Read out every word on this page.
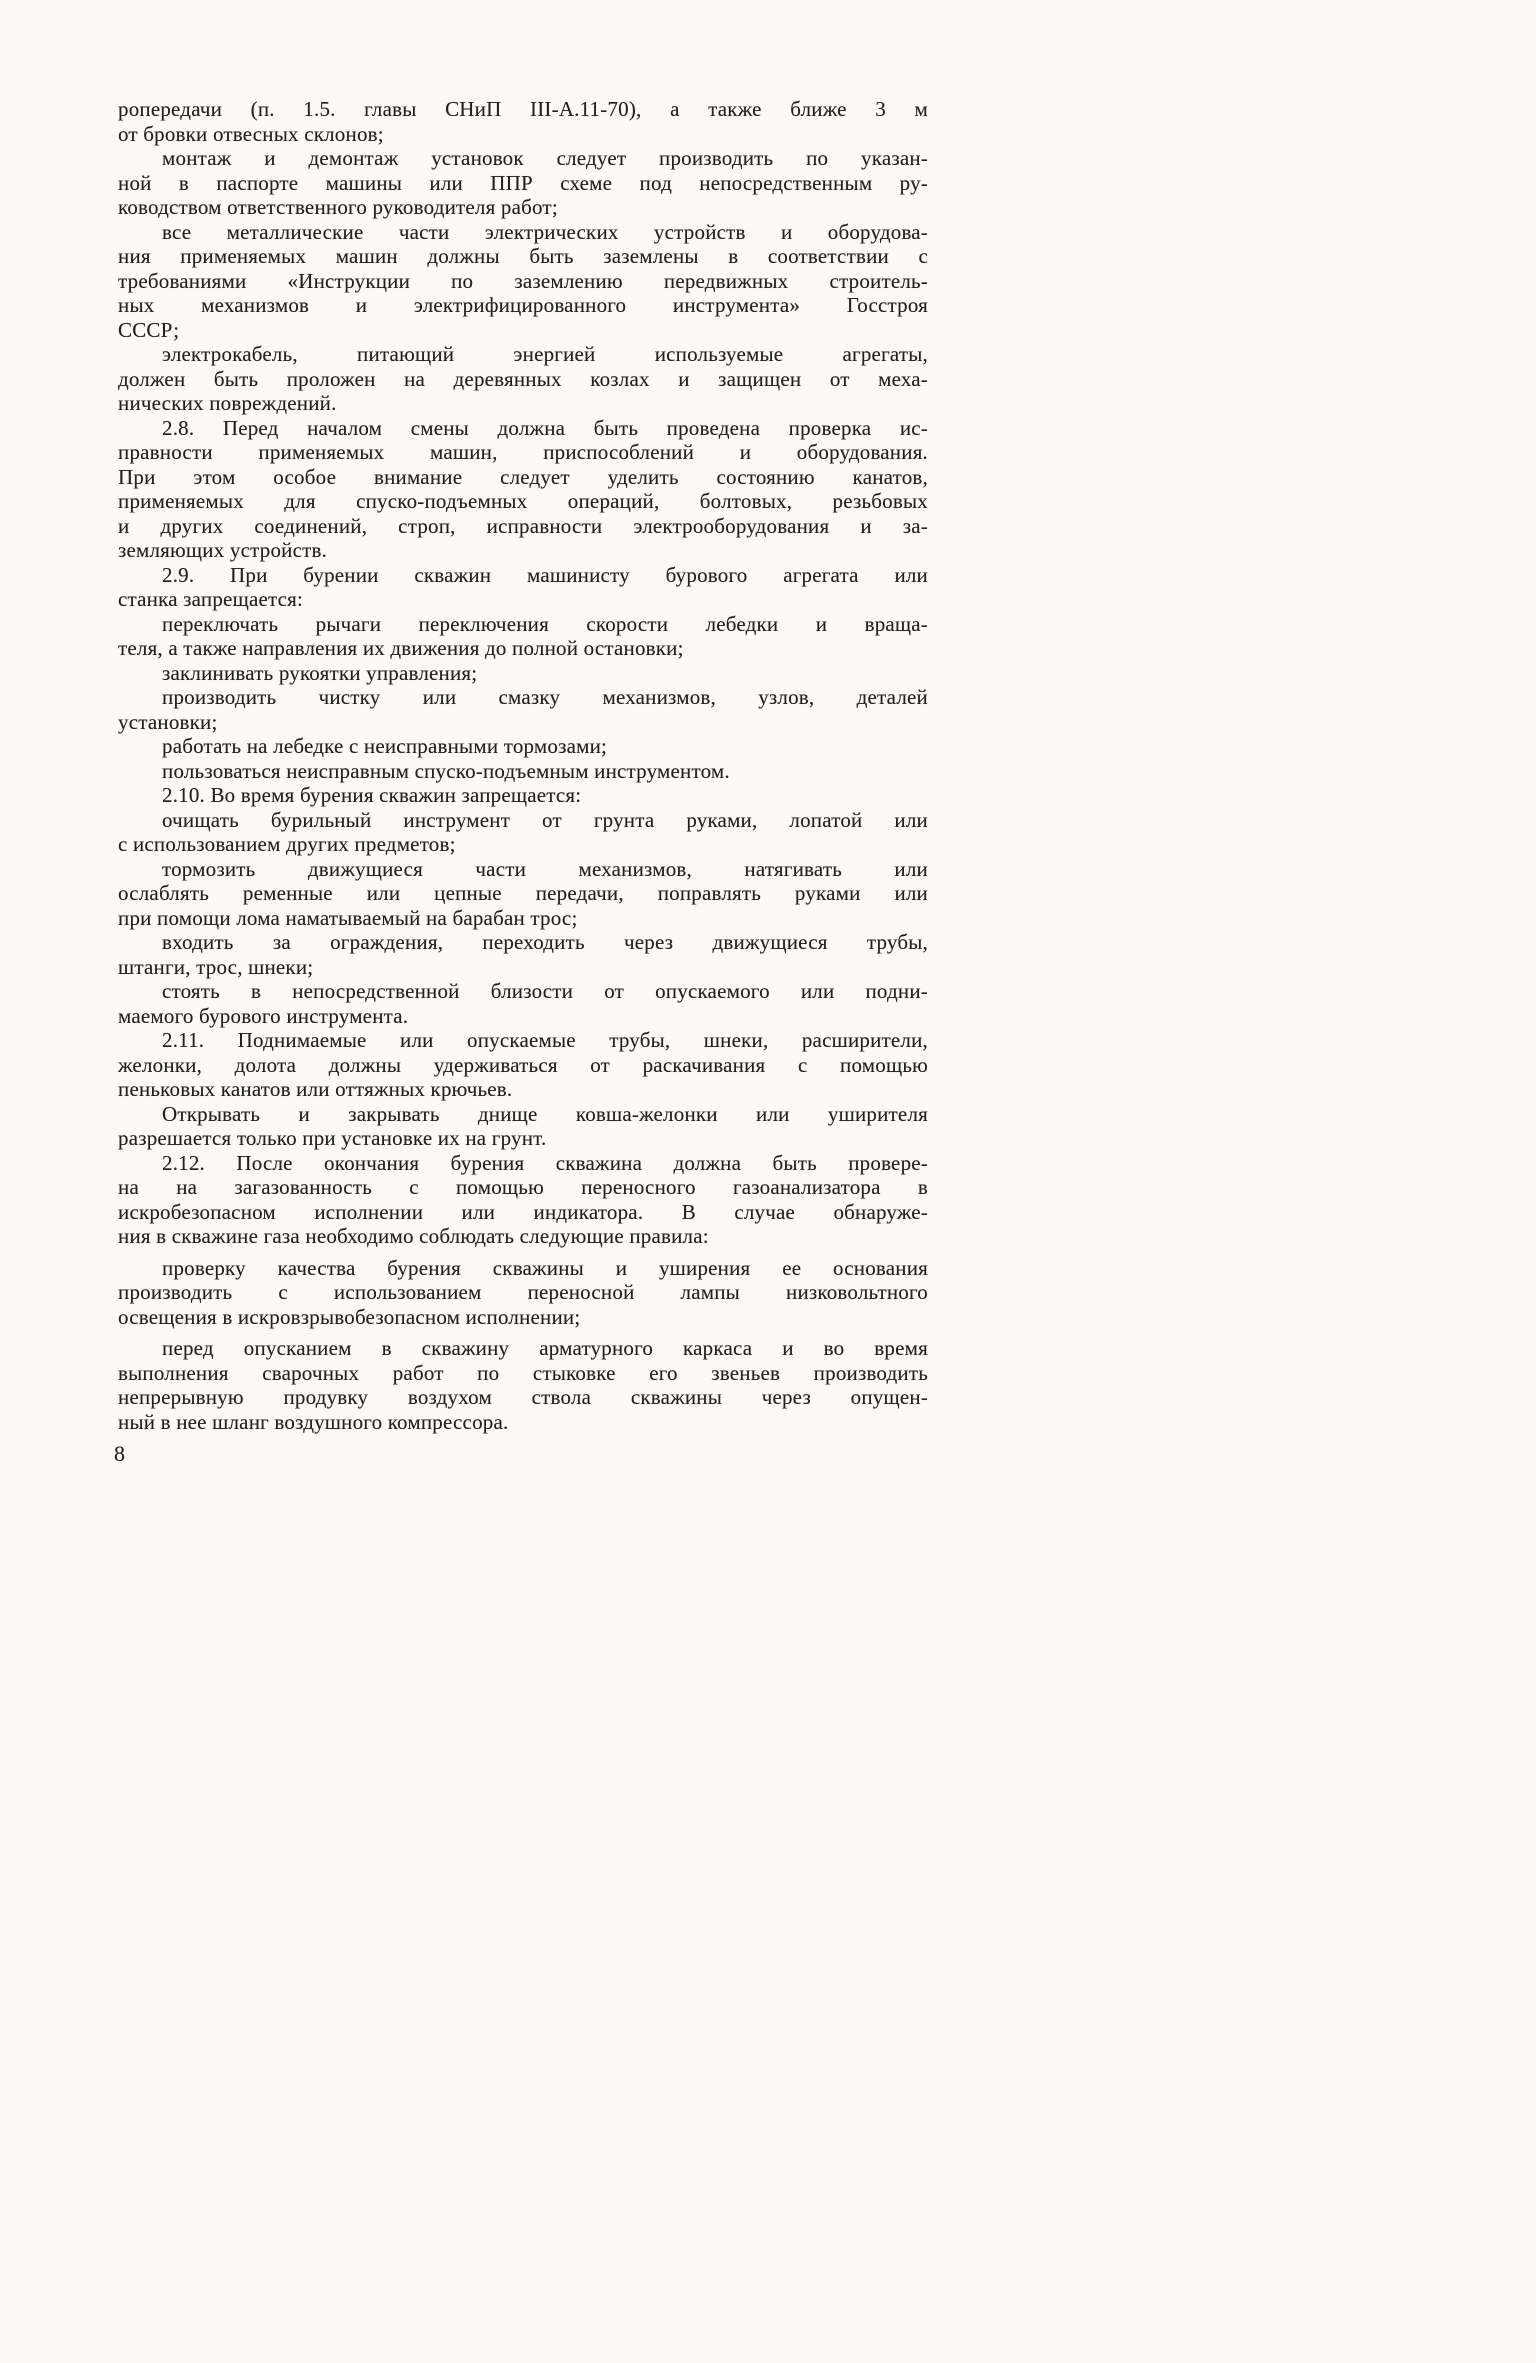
ропередачи (п. 1.5. главы СНиП III-А.11-70), а также ближе 3 м
от бровки отвесных склонов;
монтаж и демонтаж установок следует производить по указан-
ной в паспорте машины или ППР схеме под непосредственным ру-
ководством ответственного руководителя работ;
все металлические части электрических устройств и оборудова-
ния применяемых машин должны быть заземлены в соответствии с
требованиями «Инструкции по заземлению передвижных строитель-
ных механизмов и электрифицированного инструмента» Госстроя
СССР;
электрокабель, питающий энергией используемые агрегаты,
должен быть проложен на деревянных козлах и защищен от меха-
нических повреждений.
2.8. Перед началом смены должна быть проведена проверка ис-
правности применяемых машин, приспособлений и оборудования.
При этом особое внимание следует уделить состоянию канатов,
применяемых для спуско-подъемных операций, болтовых, резьбовых
и других соединений, строп, исправности электрооборудования и за-
земляющих устройств.
2.9. При бурении скважин машинисту бурового агрегата или
станка запрещается:
переключать рычаги переключения скорости лебедки и враща-
теля, а также направления их движения до полной остановки;
заклинивать рукоятки управления;
производить чистку или смазку механизмов, узлов, деталей
установки;
работать на лебедке с неисправными тормозами;
пользоваться неисправным спуско-подъемным инструментом.
2.10. Во время бурения скважин запрещается:
очищать бурильный инструмент от грунта руками, лопатой или
с использованием других предметов;
тормозить движущиеся части механизмов, натягивать или
ослаблять ременные или цепные передачи, поправлять руками или
при помощи лома наматываемый на барабан трос;
входить за ограждения, переходить через движущиеся трубы,
штанги, трос, шнеки;
стоять в непосредственной близости от опускаемого или подни-
маемого бурового инструмента.
2.11. Поднимаемые или опускаемые трубы, шнеки, расширители,
желонки, долота должны удерживаться от раскачивания с помощью
пеньковых канатов или оттяжных крючьев.
Открывать и закрывать днище ковша-желонки или уширителя
разрешается только при установке их на грунт.
2.12. После окончания бурения скважина должна быть провере-
на на загазованность с помощью переносного газоанализатора в
искробезопасном исполнении или индикатора. В случае обнаруже-
ния в скважине газа необходимо соблюдать следующие правила:
проверку качества бурения скважины и уширения ее основания
производить с использованием переносной лампы низковольтного
освещения в искровзрывобезопасном исполнении;
перед опусканием в скважину арматурного каркаса и во время
выполнения сварочных работ по стыковке его звеньев производить
непрерывную продувку воздухом ствола скважины через опущен-
ный в нее шланг воздушного компрессора.
8
